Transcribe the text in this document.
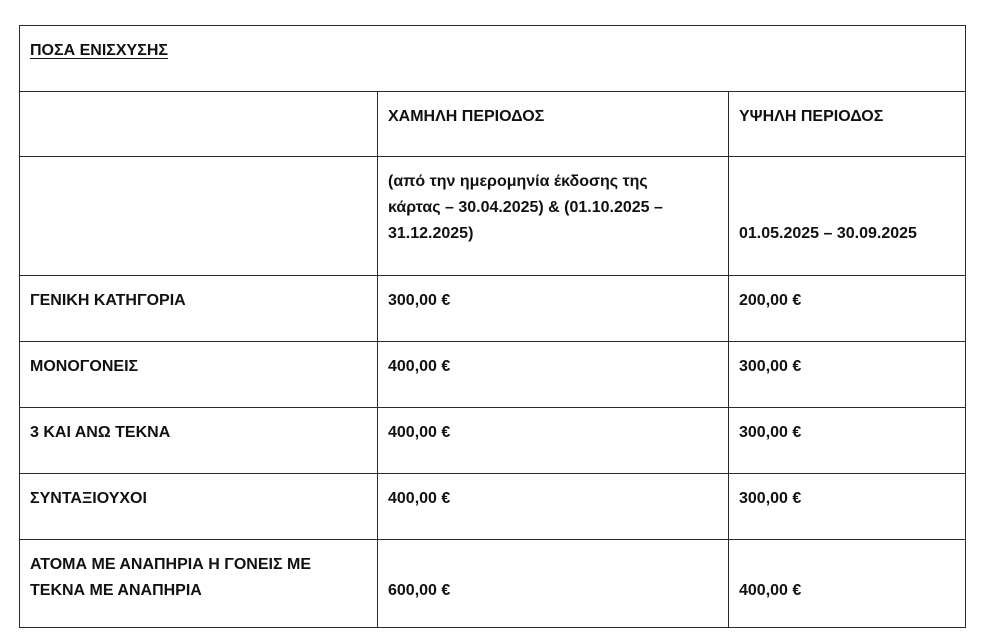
ΠΟΣΑ ΕΝΙΣΧΥΣΗΣ		
	ΧΑΜΗΛΗ ΠΕΡΙΟΔΟΣ	ΥΨΗΛΗ ΠΕΡΙΟΔΟΣ

	(από την ημερομηνία έκδοσης της
κάρτας – 30.04.2025) & (01.10.2025 –
31.12.2025)	01.05.2025 – 30.09.2025
ΓΕΝΙΚΗ ΚΑΤΗΓΟΡΙΑ	300,00 €	200,00 €
ΜΟΝΟΓΟΝΕΙΣ	400,00 €	300,00 €
3 ΚΑΙ ΑΝΩ ΤΕΚΝΑ	400,00 €	300,00 €
ΣΥΝΤΑΞΙΟΥΧΟΙ	400,00 €	300,00 €

ΑΤΟΜΑ ΜΕ ΑΝΑΠΗΡΙΑ Η ΓΟΝΕΙΣ ΜΕ
ΤΕΚΝΑ ΜΕ ΑΝΑΠΗΡΙΑ	600,00 €	400,00 €
